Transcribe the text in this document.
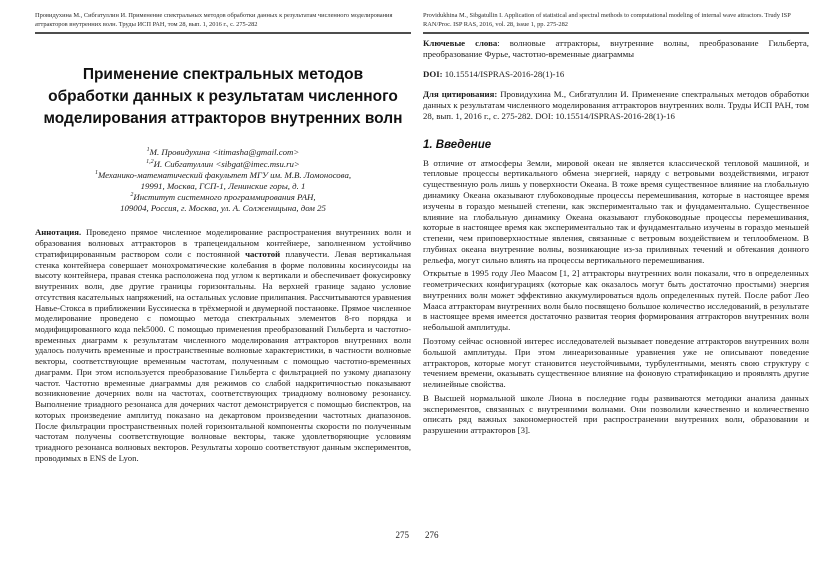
Провидухина М., Сибгатуллин И. Применение спектральных методов обработки данных к результатам численного моделирования аттракторов внутренних волн. Труды ИСП РАН, том 28, вып. 1, 2016 г., с. 275-282
Применение спектральных методов обработки данных к результатам численного моделирования аттракторов внутренних волн
$^1$М. Провидухина <itimasha@gmail.com>
$^{1,2}$И. Сибгатуллин <sibgat@imec.msu.ru>
$^1$Механико-математический факультет МГУ им. М.В. Ломоносова,
19991, Москва, ГСП-1, Ленинские горы, д. 1
$^2$Институт системного программирования РАН,
109004, Россия, г. Москва, ул. А. Солженицына, дом 25

Аннотация. Проведено прямое численное моделирование распространения внутренних волн и образования волновых аттракторов в трапецеидальном контейнере, заполненном устойчиво стратифицированным раствором соли с постоянной частотой плавучести. Левая вертикальная стенка контейнера совершает монохроматические колебания в форме половины косинусоиды на высоту контейнера, правая стенка расположена под углом к вертикали и обеспечивает фокусировку внутренних волн, две другие границы горизонтальны. На верхней границе задано условие отсутствия касательных напряжений, на остальных условие прилипания. Рассчитываются уравнения Навье-Стокса в приближении Буссинеска в трёхмерной и двумерной постановке. Прямое численное моделирование проведено с помощью метода спектральных элементов 8-го порядка и модифицированного кода nek5000. С помощью применения преобразований Гильберта и частотно-временных диаграмм к результатам численного моделирования аттракторов внутренних волн удалось получить временные и пространственные волновые характеристики, в частности волновые векторы, соответствующие временным частотам, полученным с помощью частотно-временных диаграмм. При этом используется преобразование Гильберта с фильтрацией по узкому диапазону частот. Частотно временные диаграммы для режимов со слабой надкритичностью показывают возникновение дочерних волн на частотах, соответствующих триадному волновому резонансу. Выполнение триадного резонанса для дочерних частот демонстрируется с помощью биспектров, на которых произведение амплитуд показано на декартовом произведении частотных диапазонов. После фильтрации пространственных полей горизонтальной компоненты скорости по полученным частотам получены соответствующие волновые векторы, также удовлетворяющие условиям триадного резонанса волновых векторов. Результаты хорошо соответствуют данным экспериментов, проводимых в ENS de Lyon.

275
Providukhina M., Sibgatullin I. Application of statistical and spectral methods to computational modeling of internal wave attractors. Trudy ISP RAN/Proc. ISP RAS, 2016, vol. 28, issue 1, pp. 275-282

Ключевые слова: волновые аттракторы, внутренние волны, преобразование Гильберта, преобразование Фурье, частотно-временные диаграммы

DOI: 10.15514/ISPRAS-2016-28(1)-16

Для цитирования: Провидухина М., Сибгатуллин И. Применение спектральных методов обработки данных к результатам численного моделирования аттракторов внутренних волн. Труды ИСП РАН, том 28, вып. 1, 2016 г., с. 275-282. DOI: 10.15514/ISPRAS-2016-28(1)-16

1. Введение

В отличие от атмосферы Земли, мировой океан не является классической тепловой машиной, и тепловые процессы вертикального обмена энергией, наряду с ветровыми воздействиями, играют существенную роль лишь у поверхности Океана. В тоже время существенное влияние на глобальную динамику Океана оказывают глубоководные процессы перемешивания, которые в настоящее время изучены в гораздо меньшей степени, как экспериментально так и фундаментально. Существенное влияние на глобальную динамику Океана оказывают глубоководные процессы перемешивания, которые в настоящее время как экспериментально так и фундаментально изучены в гораздо меньшей степени, чем приповерхностные явления, связанные с ветровым воздействием и теплообменом. В глубинах океана внутренние волны, возникающие из-за приливных течений и обтекания донного рельефа, могут сильно влиять на процессы вертикального перемешивания.

Открытые в 1995 году Лео Маасом [1, 2] аттракторы внутренних волн показали, что в определенных геометрических конфигурациях (которые как оказалось могут быть достаточно простыми) энергия внутренних волн может эффективно аккумулироваться вдоль определенных путей. После работ Лео Мааса аттракторам внутренних волн было посвящено большое количество исследований, в результате в настоящее время имеется достаточно развитая теория формирования аттракторов внутренних волн небольшой амплитуды.

Поэтому сейчас основной интерес исследователей вызывает поведение аттракторов внутренних волн большой амплитуды. При этом линеаризованные уравнения уже не описывают поведение аттракторов, которые могут становится неустойчивыми, турбулентными, менять свою структуру с течением времени, оказывать существенное влияние на фоновую стратификацию и проявлять другие нелинейные свойства.

В Высшей нормальной школе Лиона в последние годы развиваются методики анализа данных экспериментов, связанных с внутренними волнами. Они позволили качественно и количественно описать ряд важных закономерностей при распространении внутренних волн, образовании и разрушении аттракторов [3].

276
